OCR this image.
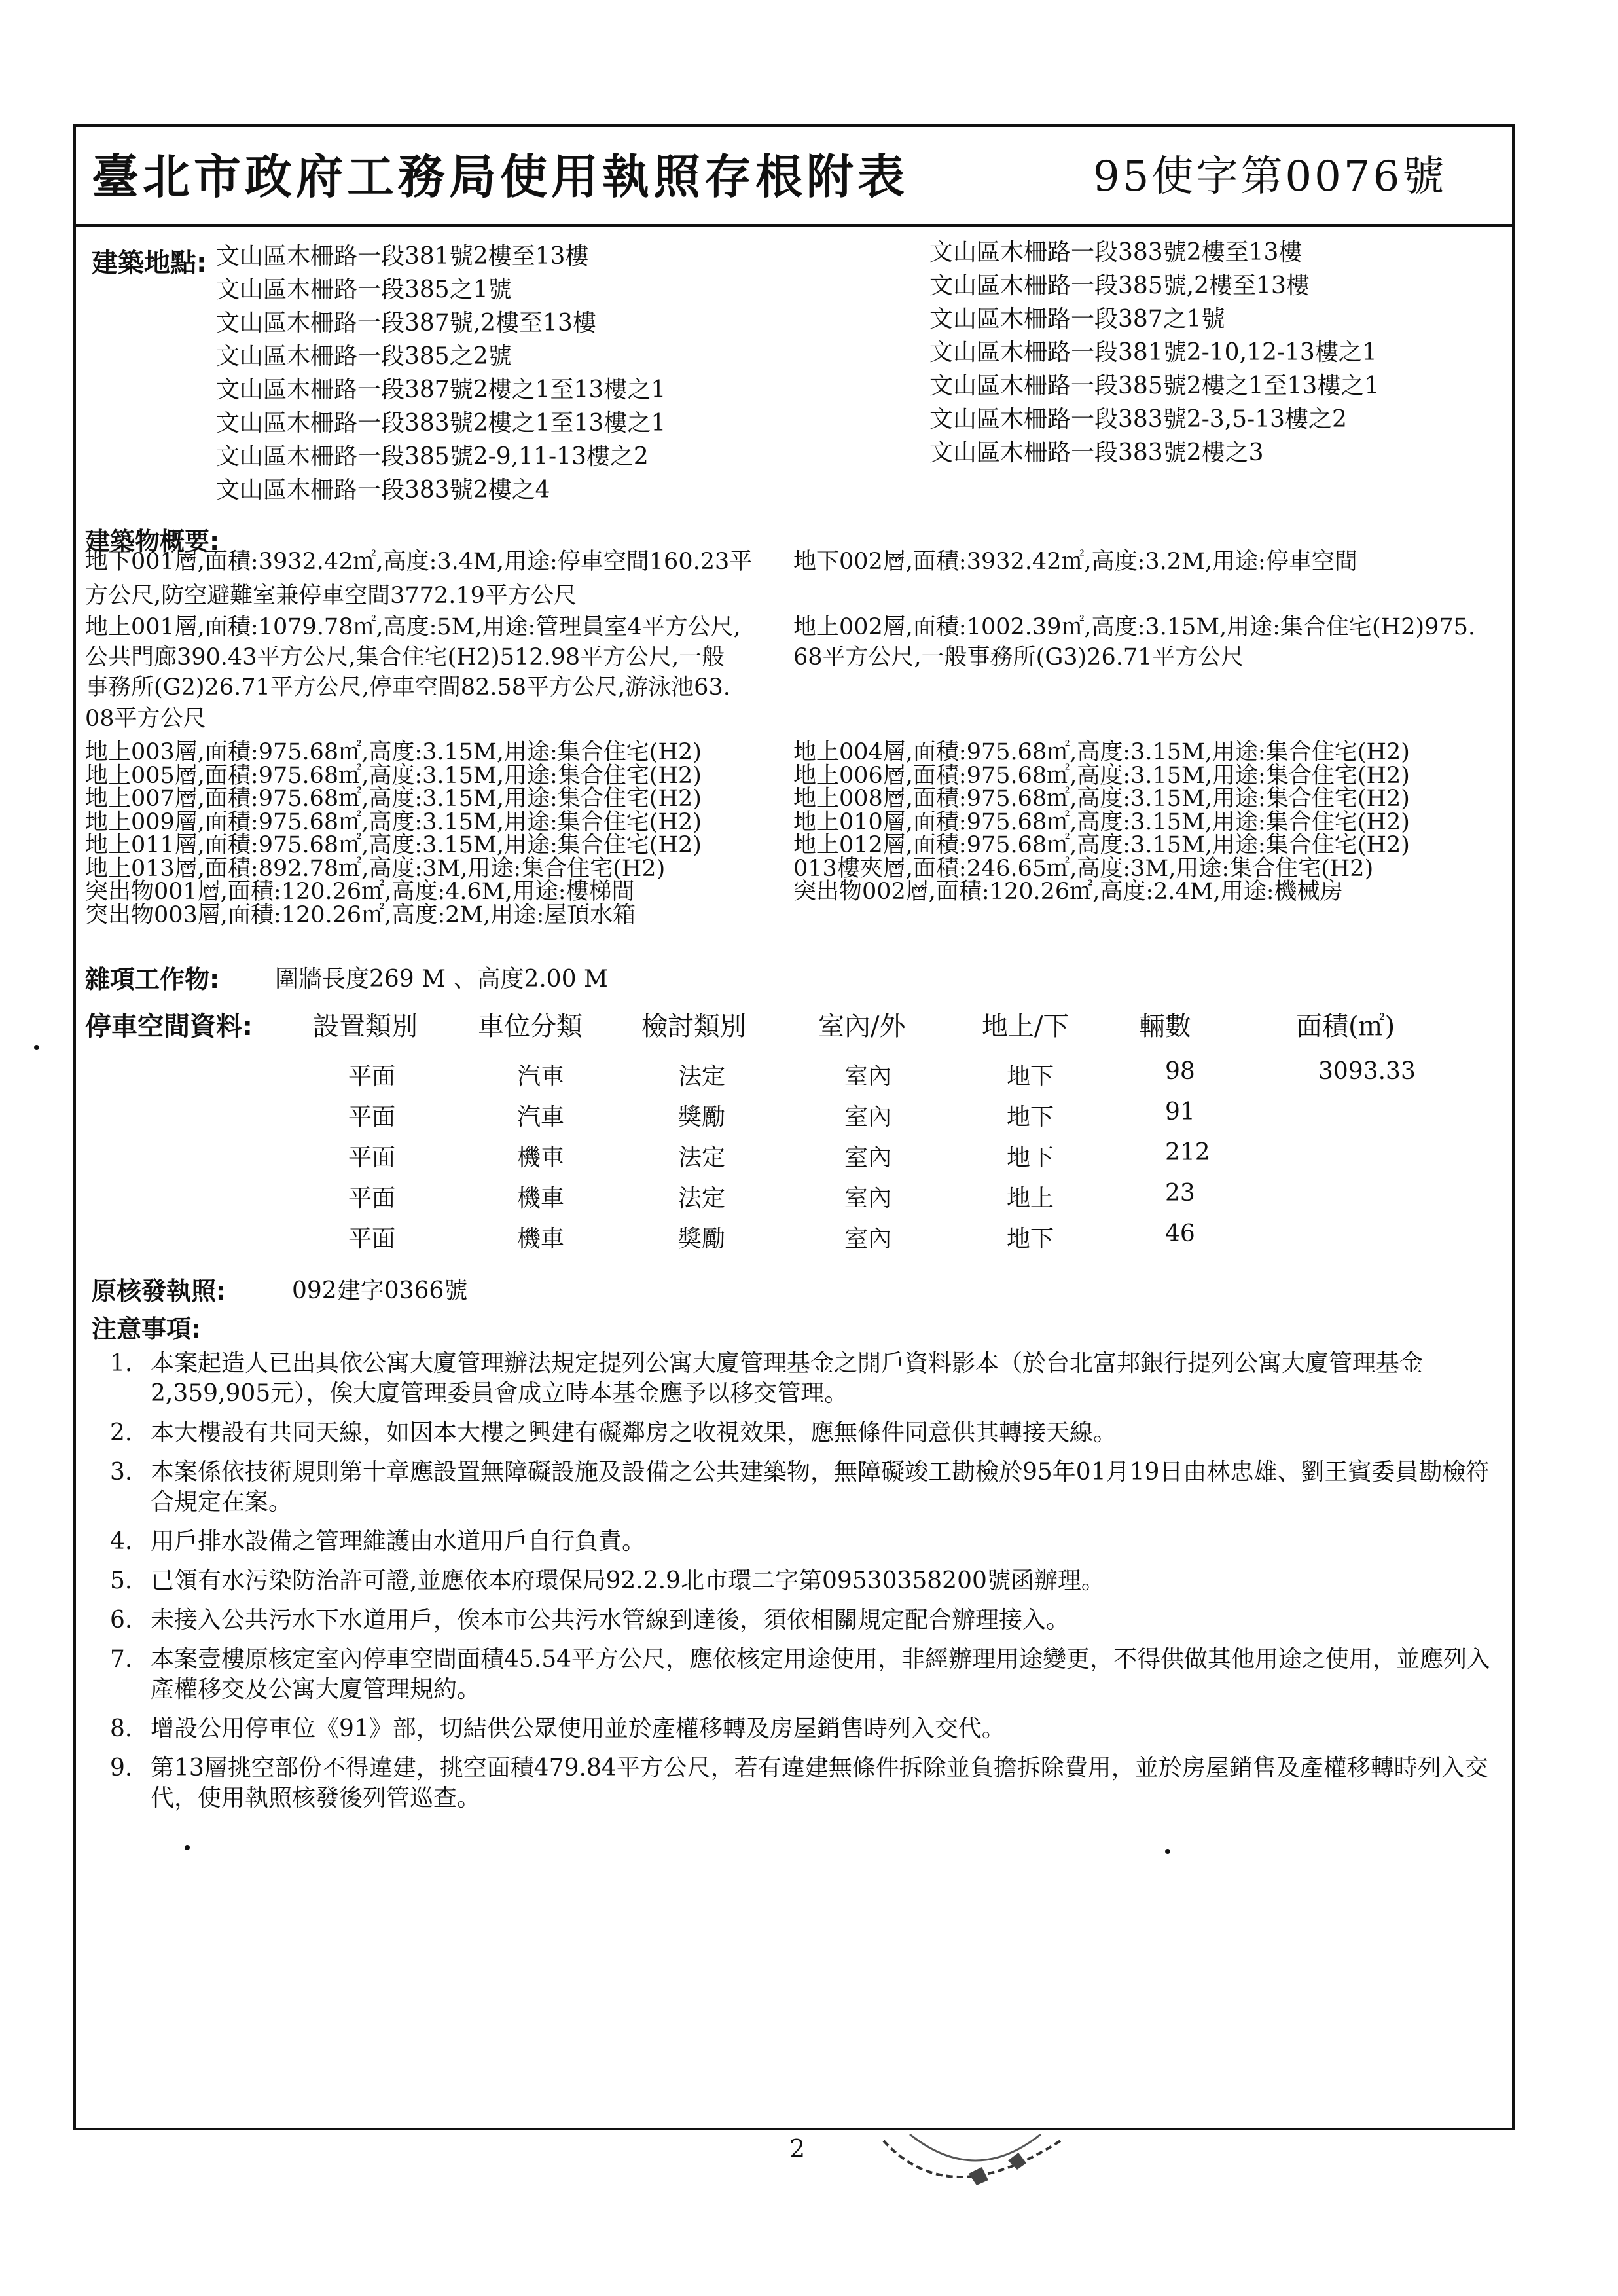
臺北市政府工務局使用執照存根附表	95使字第0076號
建築地點: 文山區木柵路一段381號2樓至13樓
文山區木柵路一段385之1號
文山區木柵路一段387號,2樓至13樓
文山區木柵路一段385之2號
文山區木柵路一段387號2樓之1至13樓之1
文山區木柵路一段383號2樓之1至13樓之1
文山區木柵路一段385號2-9,11-13樓之2
文山區木柵路一段383號2樓之4
文山區木柵路一段383號2樓至13樓
文山區木柵路一段385號,2樓至13樓
文山區木柵路一段387之1號
文山區木柵路一段381號2-10,12-13樓之1
文山區木柵路一段385號2樓之1至13樓之1
文山區木柵路一段383號2-3,5-13樓之2
文山區木柵路一段383號2樓之3
建築物概要:
地下001層,面積:3932.42㎡,高度:3.4M,用途:停車空間160.23平 地下002層,面積:3932.42㎡,高度:3.2M,用途:停車空間
方公尺,防空避難室兼停車空間3772.19平方公尺
地上001層,面積:1079.78㎡,高度:5M,用途:管理員室4平方公尺, 地上002層,面積:1002.39㎡,高度:3.15M,用途:集合住宅(H2)975.
公共門廊390.43平方公尺,集合住宅(H2)512.98平方公尺,一般	68平方公尺,一般事務所(G3)26.71平方公尺
事務所(G2)26.71平方公尺,停車空間82.58平方公尺,游泳池63.
08平方公尺
地上003層,面積:975.68㎡,高度:3.15M,用途:集合住宅(H2)
地上005層,面積:975.68㎡,高度:3.15M,用途:集合住宅(H2)
地上007層,面積:975.68㎡,高度:3.15M,用途:集合住宅(H2)
地上009層,面積:975.68㎡,高度:3.15M,用途:集合住宅(H2)
地上011層,面積:975.68㎡,高度:3.15M,用途:集合住宅(H2)
地上013層,面積:892.78㎡,高度:3M,用途:集合住宅(H2)
突出物001層,面積:120.26㎡,高度:4.6M,用途:樓梯間
突出物003層,面積:120.26㎡,高度:2M,用途:屋頂水箱
地上004層,面積:975.68㎡,高度:3.15M,用途:集合住宅(H2)
地上006層,面積:975.68㎡,高度:3.15M,用途:集合住宅(H2)
地上008層,面積:975.68㎡,高度:3.15M,用途:集合住宅(H2)
地上010層,面積:975.68㎡,高度:3.15M,用途:集合住宅(H2)
地上012層,面積:975.68㎡,高度:3.15M,用途:集合住宅(H2)
013樓夾層,面積:246.65㎡,高度:3M,用途:集合住宅(H2)
突出物002層,面積:120.26㎡,高度:2.4M,用途:機械房
雜項工作物: 圍牆長度269 M 、高度2.00 M
停車空間資料: 設置類別 車位分類 檢討類別	室內/外	地上/下	輛數	面積(㎡)
平面	汽車	法定	室內	地下	98	3093.33
平面	汽車	獎勵	室內	地下	91
平面	機車	法定	室內	地下	212
平面	機車	法定	室內	地上	23
平面	機車	獎勵	室內	地下	46
原核發執照:	092建字0366號
注意事項:
1. 本案起造人已出具依公寓大廈管理辦法規定提列公寓大廈管理基金之開戶資料影本（於台北富邦銀行提列公寓大廈管理基金2,359,905元），俟大廈管理委員會成立時本基金應予以移交管理。
2. 本大樓設有共同天線，如因本大樓之興建有礙鄰房之收視效果，應無條件同意供其轉接天線。
3. 本案係依技術規則第十章應設置無障礙設施及設備之公共建築物，無障礙竣工勘檢於95年01月19日由林忠雄、劉王賓委員勘檢符合規定在案。
4. 用戶排水設備之管理維護由水道用戶自行負責。
5. 已領有水污染防治許可證,並應依本府環保局92.2.9北市環二字第09530358200號函辦理。
6. 未接入公共污水下水道用戶，俟本市公共污水管線到達後，須依相關規定配合辦理接入。
7. 本案壹樓原核定室內停車空間面積45.54平方公尺，應依核定用途使用，非經辦理用途變更，不得供做其他用途之使用，並應列入產權移交及公寓大廈管理規約。
8. 增設公用停車位《91》部，切結供公眾使用並於產權移轉及房屋銷售時列入交代。
9. 第13層挑空部份不得違建，挑空面積479.84平方公尺，若有違建無條件拆除並負擔拆除費用，並於房屋銷售及產權移轉時列入交代，使用執照核發後列管巡查。
2
